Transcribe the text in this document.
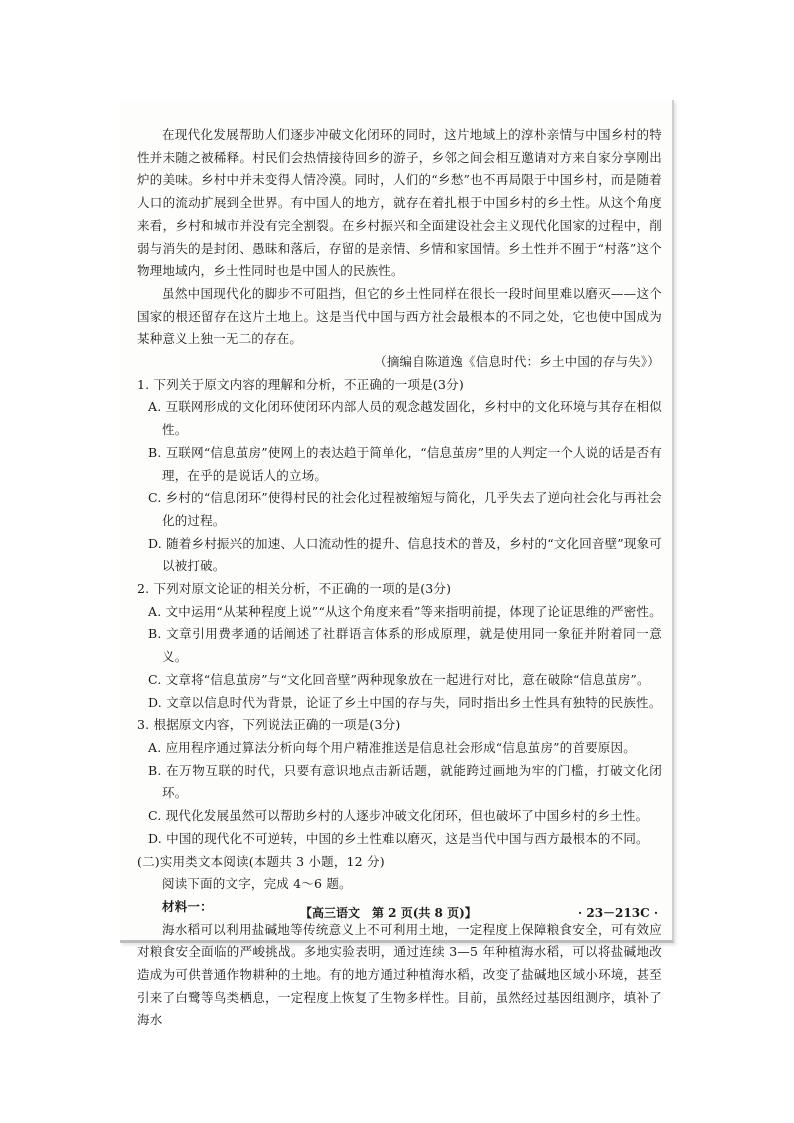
在现代化发展帮助人们逐步冲破文化闭环的同时，这片地域上的淳朴亲情与中国乡村的特性并未随之被稀释。村民们会热情接待回乡的游子，乡邻之间会相互邀请对方来自家分享刚出炉的美味。乡村中并未变得人情冷漠。同时，人们的“乡愁”也不再局限于中国乡村，而是随着人口的流动扩展到全世界。有中国人的地方，就存在着扎根于中国乡村的乡土性。从这个角度来看，乡村和城市并没有完全割裂。在乡村振兴和全面建设社会主义现代化国家的过程中，削弱与消失的是封闭、愚昧和落后，存留的是亲情、乡情和家国情。乡土性并不囿于“村落”这个物理地域内，乡土性同时也是中国人的民族性。

虽然中国现代化的脚步不可阻挡，但它的乡土性同样在很长一段时间里难以磨灭——这个国家的根还留存在这片土地上。这是当代中国与西方社会最根本的不同之处，它也使中国成为某种意义上独一无二的存在。

（摘编自陈道逸《信息时代：乡土中国的存与失》）

1. 下列关于原文内容的理解和分析，不正确的一项是(3分)

A. 互联网形成的文化闭环使闭环内部人员的观念越发固化，乡村中的文化环境与其存在相似性。

B. 互联网“信息茧房”使网上的表达趋于简单化，“信息茧房”里的人判定一个人说的话是否有理，在乎的是说话人的立场。

C. 乡村的“信息闭环”使得村民的社会化过程被缩短与简化，几乎失去了逆向社会化与再社会化的过程。

D. 随着乡村振兴的加速、人口流动性的提升、信息技术的普及，乡村的“文化回音壁”现象可以被打破。

2. 下列对原文论证的相关分析，不正确的一项的是(3分)

A. 文中运用“从某种程度上说”“从这个角度来看”等来指明前提，体现了论证思维的严密性。

B. 文章引用费孝通的话阐述了社群语言体系的形成原理，就是使用同一象征并附着同一意义。

C. 文章将“信息茧房”与“文化回音壁”两种现象放在一起进行对比，意在破除“信息茧房”。

D. 文章以信息时代为背景，论证了乡土中国的存与失，同时指出乡土性具有独特的民族性。

3. 根据原文内容，下列说法正确的一项是(3分)

A. 应用程序通过算法分析向每个用户精准推送是信息社会形成“信息茧房”的首要原因。

B. 在万物互联的时代，只要有意识地点击新话题，就能跨过画地为牢的门槛，打破文化闭环。

C. 现代化发展虽然可以帮助乡村的人逐步冲破文化闭环，但也破坏了中国乡村的乡土性。

D. 中国的现代化不可逆转，中国的乡土性难以磨灭，这是当代中国与西方最根本的不同。

(二)实用类文本阅读(本题共 3 小题，12 分)

阅读下面的文字，完成 4～6 题。

材料一：

海水稻可以利用盐碱地等传统意义上不可利用土地，一定程度上保障粮食安全，可有效应对粮食安全面临的严峻挑战。多地实验表明，通过连续 3—5 年种植海水稻，可以将盐碱地改造成为可供普通作物耕种的土地。有的地方通过种植海水稻，改变了盐碱地区域小环境，甚至引来了白鹭等鸟类栖息，一定程度上恢复了生物多样性。目前，虽然经过基因组测序，填补了海水

【高三语文　第 2 页(共 8 页)】	· 23－213C ·
